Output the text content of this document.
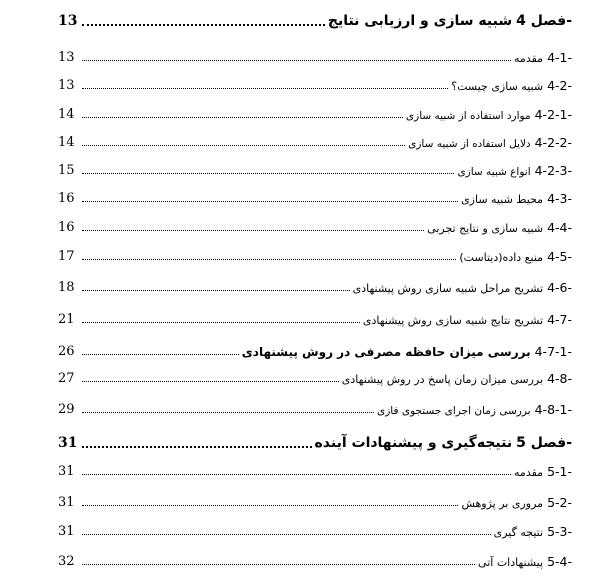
فصل 4-
شبیه سازی و ارزیابی نتایج
13
4-1-
مقدمه
13
4-2-
شبیه سازی چیست؟
13
4-2-1-
موارد استفاده از شبیه سازی
14
4-2-2-
دلایل استفاده از شبیه سازی
14
4-2-3-
انواع شبیه سازی
15
4-3-
محیط شبیه سازی
16
4-4-
شبیه سازی و نتایج تجربی
16
4-5-
منبع داده(دیتاست)
17
4-6-
تشریح مراحل شبیه سازی روش پیشنهادی
18
4-7-
تشریح نتایج شبیه سازی روش پیشنهادی
21
4-7-1-
بررسی میزان حافظه مصرفی در روش پیشنهادی
26
4-8-
بررسی میزان زمان پاسخ در روش پیشنهادی
27
4-8-1-
بررسی زمان اجرای جستجوی فازی
29
فصل 5-
نتیجه‌گیری و پیشنهادات آینده
31
5-1-
مقدمه
31
5-2-
مروری بر پژوهش
31
5-3-
نتیجه گیری
31
5-4-
پیشنهادات آتی
32
